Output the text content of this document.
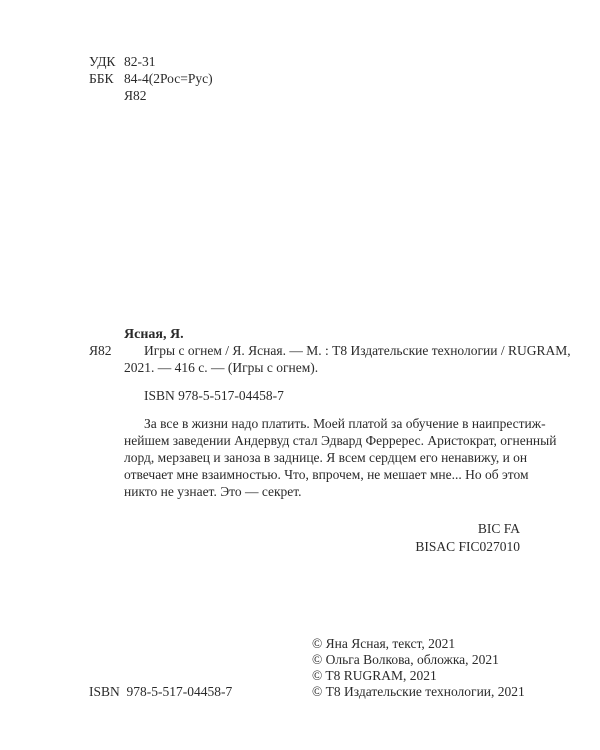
УДК 82-31
ББК 84-4(2Рос=Рус)
Я82
Ясная, Я.
Я82 Игры с огнем / Я. Ясная. — М. : Т8 Издательские технологии / RUGRAM,
2021. — 416 с. — (Игры с огнем).
ISBN 978-5-517-04458-7
За все в жизни надо платить. Моей платой за обучение в наипрестиж-
нейшем заведении Андервуд стал Эдвард Ферререс. Аристократ, огненный
лорд, мерзавец и заноза в заднице. Я всем сердцем его ненавижу, и он
отвечает мне взаимностью. Что, впрочем, не мешает мне... Но об этом
никто не узнает. Это — секрет.
BIC FA
BISAC FIC027010
© Яна Ясная, текст, 2021
© Ольга Волкова, обложка, 2021
© T8 RUGRAM, 2021
© Т8 Издательские технологии, 2021
ISBN  978-5-517-04458-7
